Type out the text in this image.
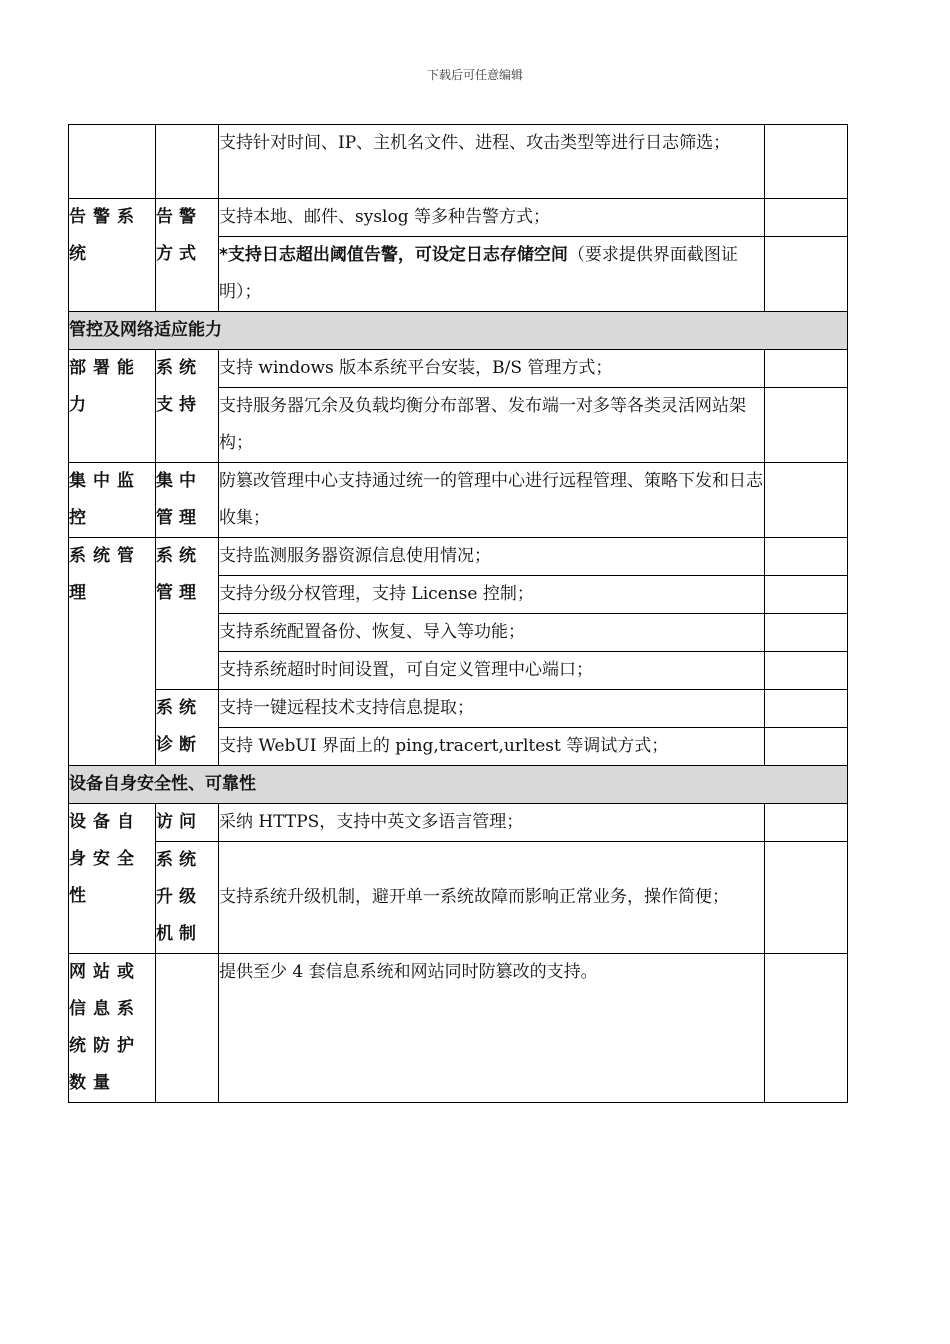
下载后可任意编辑
		支持针对时间、IP、主机名文件、进程、攻击类型等进行日志筛选；	
告警系统	告警方式	支持本地、邮件、syslog 等多种告警方式；	
		*支持日志超出阈值告警，可设定日志存储空间（要求提供界面截图证明）；	
管控及网络适应能力			
部署能力	系统支持	支持 windows 版本系统平台安装，B/S 管理方式；	
		支持服务器冗余及负载均衡分布部署、发布端一对多等各类灵活网站架构；	
集中监控	集中管理	防篡改管理中心支持通过统一的管理中心进行远程管理、策略下发和日志收集；	
系统管理	系统管理	支持监测服务器资源信息使用情况；	
		支持分级分权管理，支持 License 控制；	
		支持系统配置备份、恢复、导入等功能；	
		支持系统超时时间设置，可自定义管理中心端口；	
	系统诊断	支持一键远程技术支持信息提取；	
		支持 WebUI 界面上的 ping,tracert,urltest 等调试方式；	
设备自身安全性、可靠性			
设备自身安全性	访问	采纳 HTTPS，支持中英文多语言管理；	
	系统升级机制	支持系统升级机制，避开单一系统故障而影响正常业务，操作简便；	
网站或信息系统防护数量		提供至少 4 套信息系统和网站同时防篡改的支持。	
